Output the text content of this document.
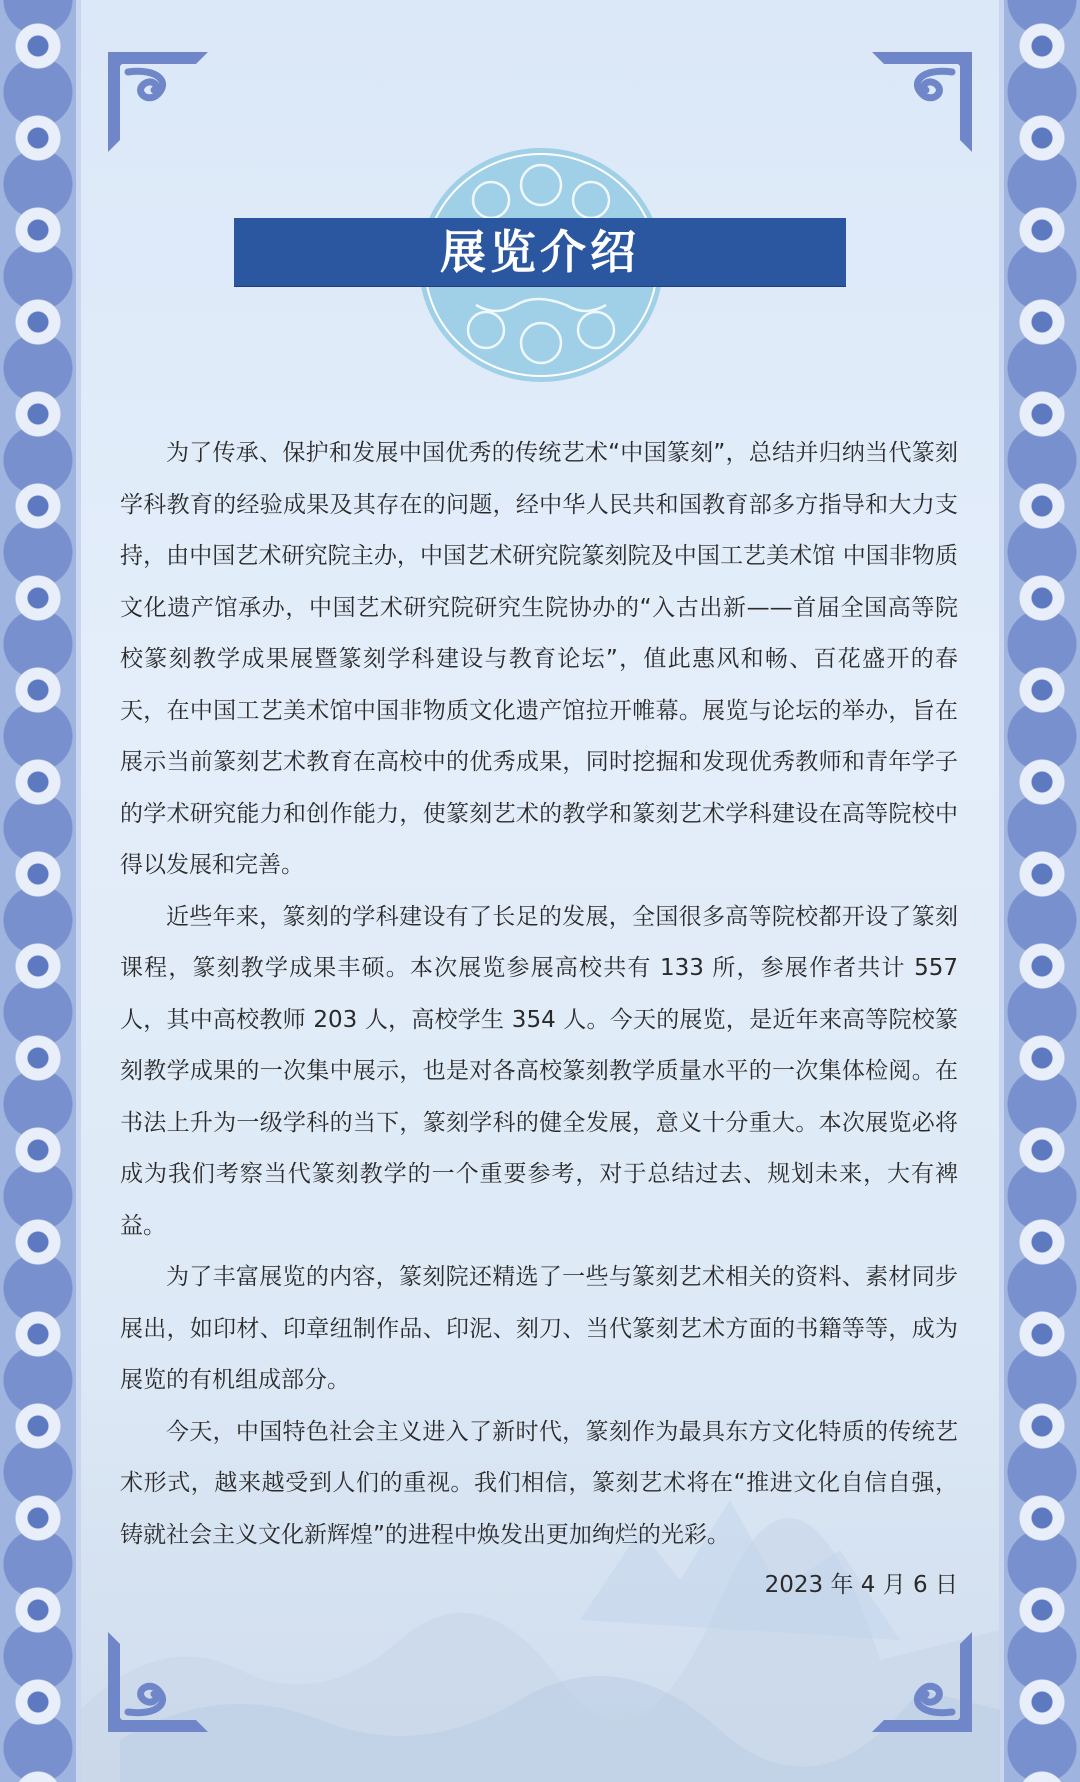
展览介绍

为了传承、保护和发展中国优秀的传统艺术“中国篆刻”，总结并归纳当代篆刻学科教育的经验成果及其存在的问题，经中华人民共和国教育部多方指导和大力支持，由中国艺术研究院主办，中国艺术研究院篆刻院及中国工艺美术馆 中国非物质文化遗产馆承办，中国艺术研究院研究生院协办的“入古出新——首届全国高等院校篆刻教学成果展暨篆刻学科建设与教育论坛”，值此惠风和畅、百花盛开的春天，在中国工艺美术馆中国非物质文化遗产馆拉开帷幕。展览与论坛的举办，旨在展示当前篆刻艺术教育在高校中的优秀成果，同时挖掘和发现优秀教师和青年学子的学术研究能力和创作能力，使篆刻艺术的教学和篆刻艺术学科建设在高等院校中得以发展和完善。

近些年来，篆刻的学科建设有了长足的发展，全国很多高等院校都开设了篆刻课程，篆刻教学成果丰硕。本次展览参展高校共有 133 所，参展作者共计 557 人，其中高校教师 203 人，高校学生 354 人。今天的展览，是近年来高等院校篆刻教学成果的一次集中展示，也是对各高校篆刻教学质量水平的一次集体检阅。在书法上升为一级学科的当下，篆刻学科的健全发展，意义十分重大。本次展览必将成为我们考察当代篆刻教学的一个重要参考，对于总结过去、规划未来，大有裨益。

为了丰富展览的内容，篆刻院还精选了一些与篆刻艺术相关的资料、素材同步展出，如印材、印章纽制作品、印泥、刻刀、当代篆刻艺术方面的书籍等等，成为展览的有机组成部分。

今天，中国特色社会主义进入了新时代，篆刻作为最具东方文化特质的传统艺术形式，越来越受到人们的重视。我们相信，篆刻艺术将在“推进文化自信自强，铸就社会主义文化新辉煌”的进程中焕发出更加绚烂的光彩。

2023 年 4 月 6 日
